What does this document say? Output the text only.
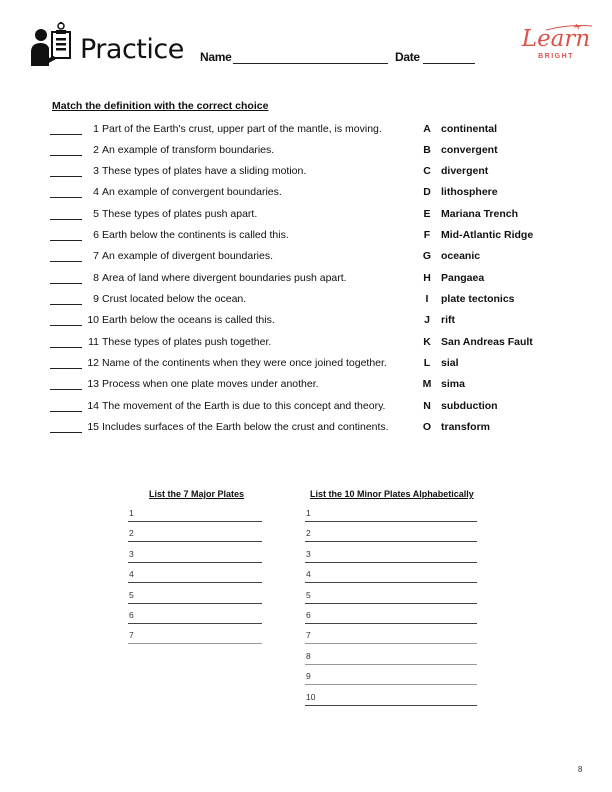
Practice Name	Date
Learn
BRIGHT
Match the definition with the correct choice
1 Part of the Earth's crust, upper part of the mantle, is moving.
2 An example of transform boundaries.
3 These types of plates have a sliding motion.
4 An example of convergent boundaries.
5 These types of plates push apart.
6 Earth below the continents is called this.
7 An example of divergent boundaries.
8 Area of land where divergent boundaries push apart.
9 Crust located below the ocean.
10 Earth below the oceans is called this.
11 These types of plates push together.
12 Name of the continents when they were once joined together.
13 Process when one plate moves under another.
14 The movement of the Earth is due to this concept and theory.
15 Includes surfaces of the Earth below the crust and continents.
A continental
B convergent
C divergent
D lithosphere
E	Mariana Trench
F	Mid-Atlantic Ridge
G oceanic
H Pangaea
I	plate tectonics
J	rift
K San Andreas Fault
L	sial
M sima
N subduction
O transform
List the 7 Major Plates
1
2
3
4
5
6
7
List the 10 Minor Plates Alphabetically
1
2
3
4
5
6
7
8
9
10
8
